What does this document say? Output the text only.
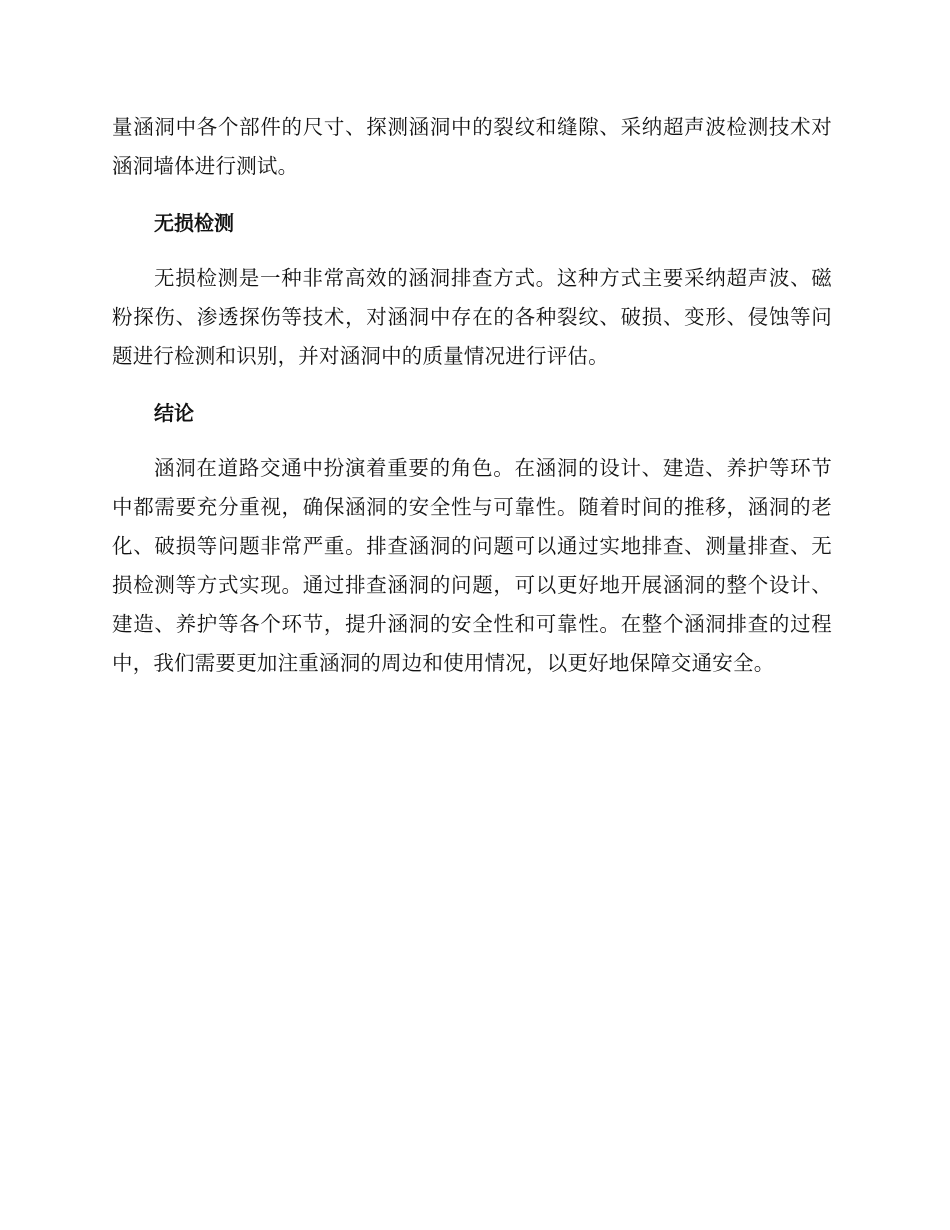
量涵洞中各个部件的尺寸、探测涵洞中的裂纹和缝隙、采纳超声波检测技术对涵洞墙体进行测试。

无损检测

无损检测是一种非常高效的涵洞排查方式。这种方式主要采纳超声波、磁粉探伤、渗透探伤等技术，对涵洞中存在的各种裂纹、破损、变形、侵蚀等问题进行检测和识别，并对涵洞中的质量情况进行评估。

结论

涵洞在道路交通中扮演着重要的角色。在涵洞的设计、建造、养护等环节中都需要充分重视，确保涵洞的安全性与可靠性。随着时间的推移，涵洞的老化、破损等问题非常严重。排查涵洞的问题可以通过实地排查、测量排查、无损检测等方式实现。通过排查涵洞的问题，可以更好地开展涵洞的整个设计、建造、养护等各个环节，提升涵洞的安全性和可靠性。在整个涵洞排查的过程中，我们需要更加注重涵洞的周边和使用情况，以更好地保障交通安全。
